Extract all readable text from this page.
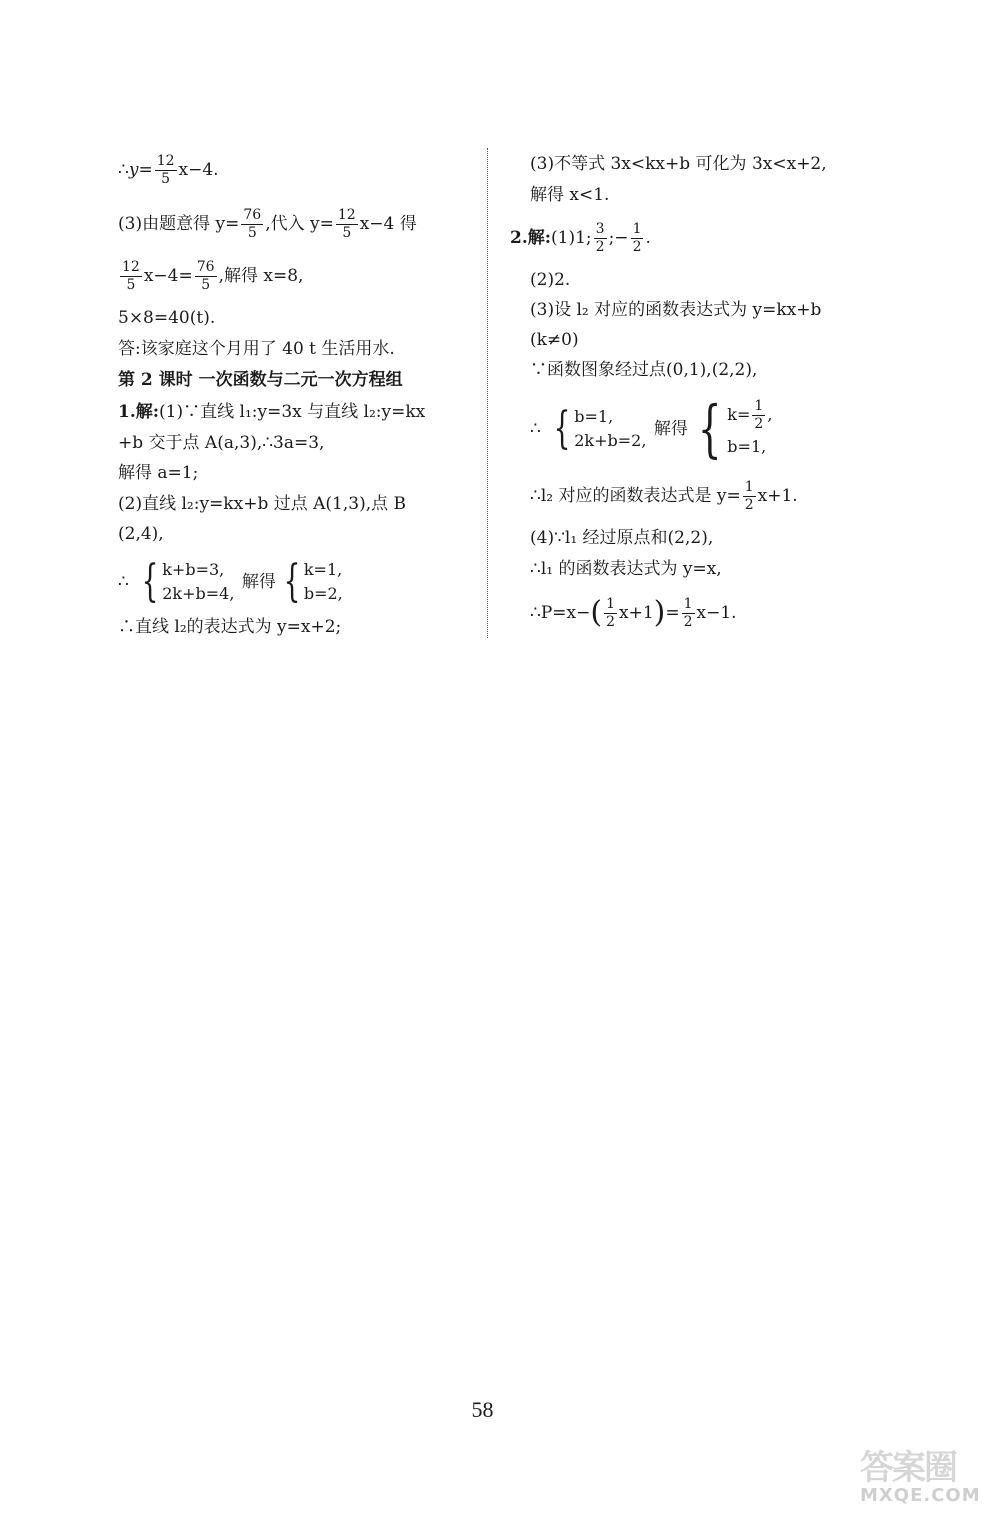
∴ $y = \frac{12}{5} x-4$.
(3)由题意得
$y= \frac{76}{5}$ ,代入
$y= \frac{12}{5} x-4$ 得
$\frac{12}{5} x-4= \frac{76}{5}$ ,解得 x=8,
5×8=40(t).
答:该家庭这个月用了 40 t 生活用水.
第 2 课时 一次函数与二元一次方程组
1.解: (1)∵直线 l₁:y=3x 与直线 l₂:y=kx
+b 交于点 A(a,3),∴3a=3,
解得 a=1;
(2)直线 l₂:y=kx+b 过点 A(1,3),点 B
(2,4),
∴
{ k+b=3,
2k+b=4,

解得 { k=1,
b=2,
∴直线 l₂的表达式为 y=x+2;
(3)不等式 3x<kx+b 可化为 3x<x+2,
解得 x<1.
2.解: (1)1; $\frac{3}{2}$ ;− $\frac{1}{2}$ .
(2)2.
(3)设 l₂ 对应的函数表达式为 y=kx+b
(k≠0)
∵函数图象经过点(0,1),(2,2),
∴
{ b=1,
2k+b=2,

解得 { $k= \frac{1}{2}$ ,
b=1,
∴l₂ 对应的函数表达式是 $y= \frac{1}{2} x+1$.
(4)∵l₁ 经过原点和(2,2),
∴l₁ 的函数表达式为 y=x,
∴P=x− ( $\frac{1}{2} x+1$ ) = $\frac{1}{2} x-1$.
58
答案圈
MXQE.COM
